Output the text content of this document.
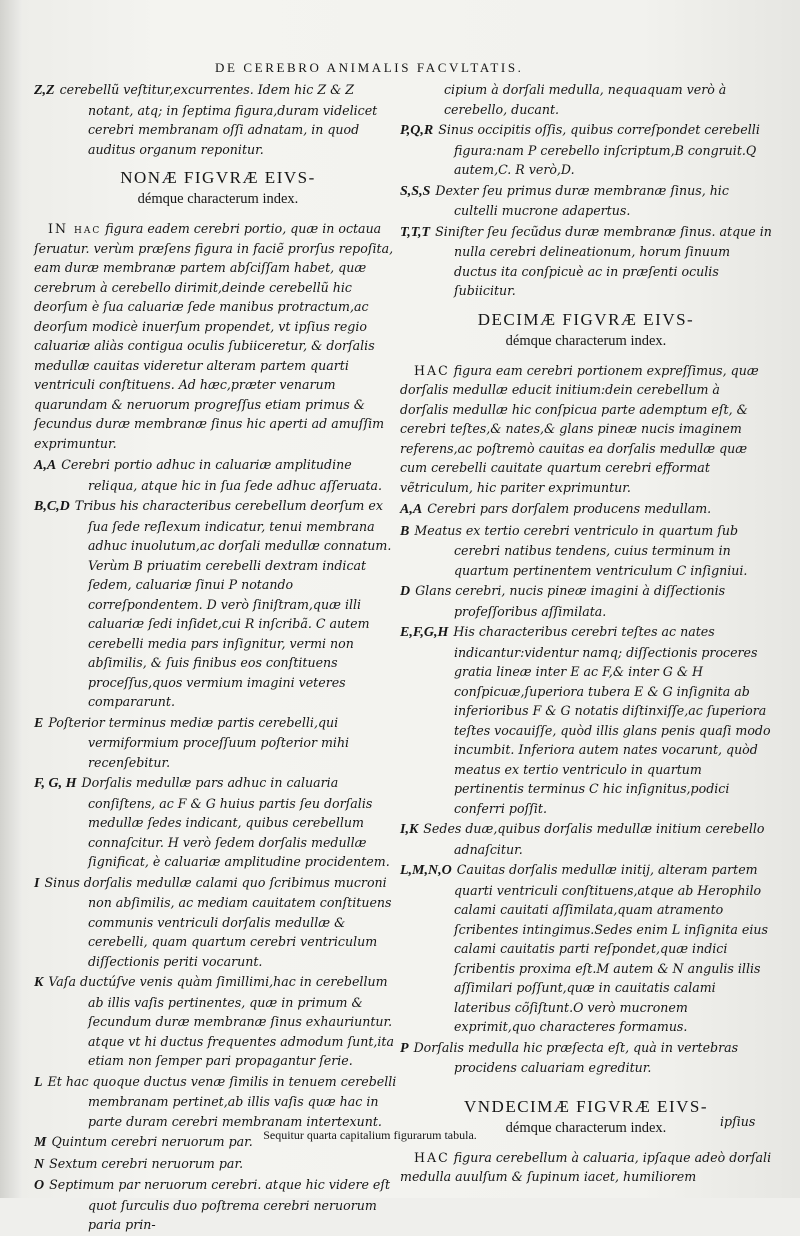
DE CEREBRO ANIMALIS FACVLTATIS.
Z,Z cerebellũ veſtitur,excurrentes. Idem hic Z & Z notant, atq; in ſeptima figura,duram videlicet cerebri membranam oſſi adnatam, in quod auditus organum reponitur.
NONÆ FIGVRÆ EIVS-
démque characterum index.

IN hac figura eadem cerebri portio, quæ in octaua ſeruatur. verùm præſens figura in faciẽ prorſus repoſita, eam duræ membranæ partem abſciſſam habet, quæ cerebrum à cerebello dirimit,deinde cerebellũ hic deorſum è ſua caluariæ ſede manibus protractum,ac deorſum modicè inuerſum propendet, vt ipſius regio caluariæ aliàs contigua oculis ſubiiceretur, & dorſalis medullæ cauitas videretur alteram partem quarti ventriculi conſtituens. Ad hæc,præter venarum quarundam & neruorum progreſſus etiam primus & ſecundus duræ membranæ ſinus hic aperti ad amuſſim exprimuntur.

A,A Cerebri portio adhuc in caluariæ amplitudine reliqua, atque hic in ſua ſede adhuc aſſeruata.
B,C,D Tribus his characteribus cerebellum deorſum ex ſua ſede reſlexum indicatur, tenui membrana adhuc inuolutum,ac dorſali medullæ connatum. Verùm B priuatim cerebelli dextram indicat ſedem, caluariæ ſinui P notando correſpondentem. D verò ſiniſtram,quæ illi caluariæ ſedi inſidet,cui R inſcribã. C autem cerebelli media pars inſignitur, vermi non abſimilis, & ſuis finibus eos conſtituens proceſſus,quos vermium imagini veteres compararunt.
E Poſterior terminus mediæ partis cerebelli,qui vermiformium proceſſuum poſterior mihi recenſebitur.
F, G, H Dorſalis medullæ pars adhuc in caluaria conſiſtens, ac F & G huius partis ſeu dorſalis medullæ ſedes indicant, quibus cerebellum connaſcitur. H verò ſedem dorſalis medullæ ſignificat, è caluariæ amplitudine procidentem.
I Sinus dorſalis medullæ calami quo ſcribimus mucroni non abſimilis, ac mediam cauitatem conſtituens communis ventriculi dorſalis medullæ & cerebelli, quam quartum cerebri ventriculum diſſectionis periti vocarunt.
K Vaſa ductúſve venis quàm ſimillimi,hac in cerebellum ab illis vaſis pertinentes, quæ in primum & ſecundum duræ membranæ ſinus exhauriuntur. atque vt hi ductus frequentes admodum ſunt,ita etiam non ſemper pari propagantur ſerie.
L Et hac quoque ductus venæ ſimilis in tenuem cerebelli membranam pertinet,ab illis vaſis quæ hac in parte duram cerebri membranam intertexunt.
M Quintum cerebri neruorum par.
N Sextum cerebri neruorum par.
O Septimum par neruorum cerebri. atque hic videre eſt quot ſurculis duo poſtrema cerebri neruorum paria prin-
cipium à dorſali medulla, nequaquam verò à cerebello, ducant.
P,Q,R Sinus occipitis oſſis, quibus correſpondet cerebelli figura:nam P cerebello inſcriptum,B congruit.Q autem,C. R verò,D.
S,S,S Dexter ſeu primus duræ membranæ ſinus, hic cultelli mucrone adapertus.
T,T,T Siniſter ſeu ſecũdus duræ membranæ ſinus. atque in nulla cerebri delineationum, horum ſinuum ductus ita conſpicuè ac in præſenti oculis ſubiicitur.
DECIMÆ FIGVRÆ EIVS-
démque characterum index.

HAC figura eam cerebri portionem expreſſimus, quæ dorſalis medullæ educit initium:dein cerebellum à dorſalis medullæ hic conſpicua parte ademptum eſt, & cerebri teſtes,& nates,& glans pineæ nucis imaginem referens,ac poſtremò cauitas ea dorſalis medullæ quæ cum cerebelli cauitate quartum cerebri efformat vẽtriculum, hic pariter exprimuntur.

A,A Cerebri pars dorſalem producens medullam.
B Meatus ex tertio cerebri ventriculo in quartum ſub cerebri natibus tendens, cuius terminum in quartum pertinentem ventriculum C inſigniui.
D Glans cerebri, nucis pineæ imagini à diſſectionis profeſſoribus aſſimilata.
E,F,G,H His characteribus cerebri teſtes ac nates indicantur:videntur namq; diſſectionis proceres gratia lineæ inter E ac F,& inter G & H conſpicuæ,ſuperiora tubera E & G inſignita ab inferioribus F & G notatis diſtinxiſſe,ac ſuperiora teſtes vocauiſſe, quòd illis glans penis quaſi modo incumbit. Inferiora autem nates vocarunt, quòd meatus ex tertio ventriculo in quartum pertinentis terminus C hic inſignitus,podici conferri poſſit.
I,K Sedes duæ,quibus dorſalis medullæ initium cerebello adnaſcitur.
L,M,N,O Cauitas dorſalis medullæ initij, alteram partem quarti ventriculi conſtituens,atque ab Herophilo calami cauitati aſſimilata,quam atramento ſcribentes intingimus.Sedes enim L inſignita eius calami cauitatis parti reſpondet,quæ indici ſcribentis proxima eſt.M autem & N angulis illis aſſimilari poſſunt,quæ in cauitatis calami lateribus cõſiſtunt.O verò mucronem exprimit,quo characteres formamus.
P Dorſalis medulla hic præſecta eſt, quà in vertebras procidens caluariam egreditur.
VNDECIMÆ FIGVRÆ EIVS-
démque characterum index.

HAC figura cerebellum à caluaria, ipſaque adeò dorſali medulla auulſum & ſupinum iacet, humiliorem

ipſius
Sequitur quarta capitalium figurarum tabula.
